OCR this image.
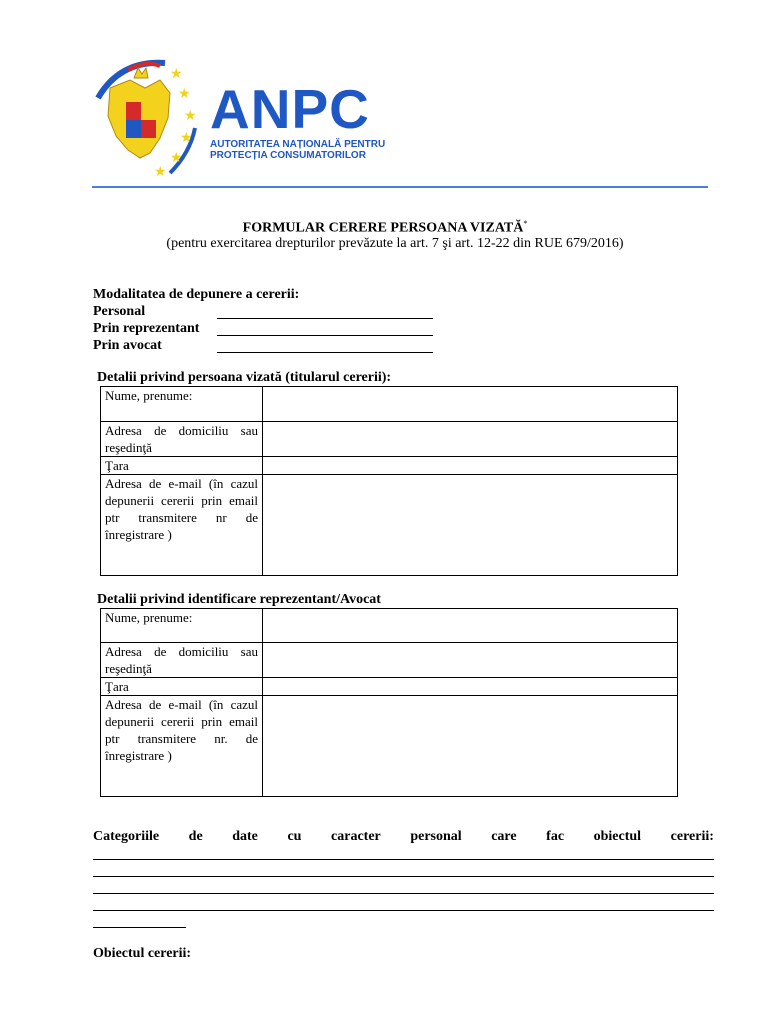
★
★
★
★
★
★
ANPC
AUTORITATEA NAȚIONALĂ PENTRU
PROTECȚIA CONSUMATORILOR
FORMULAR CERERE PERSOANA VIZATĂ*
(pentru exercitarea drepturilor prevăzute la art. 7 şi art. 12-22 din RUE 679/2016)
Modalitatea de depunere a cererii:
Personal
Prin reprezentant
Prin avocat
Detalii privind persoana vizată (titularul cererii):
Nume, prenume:	
Adresa de domiciliu sau reşedinţă	
Ţara	
Adresa de e-mail (în cazul depunerii cererii prin email ptr transmitere nr de înregistrare )	
Detalii privind identificare reprezentant/Avocat
Nume, prenume:	
Adresa de domiciliu sau reşedinţă	
Ţara	
Adresa de e-mail (în cazul depunerii cererii prin email ptr transmitere nr. de înregistrare )	
Categoriile de date cu caracter personal care fac obiectul cererii:
Obiectul cererii:
